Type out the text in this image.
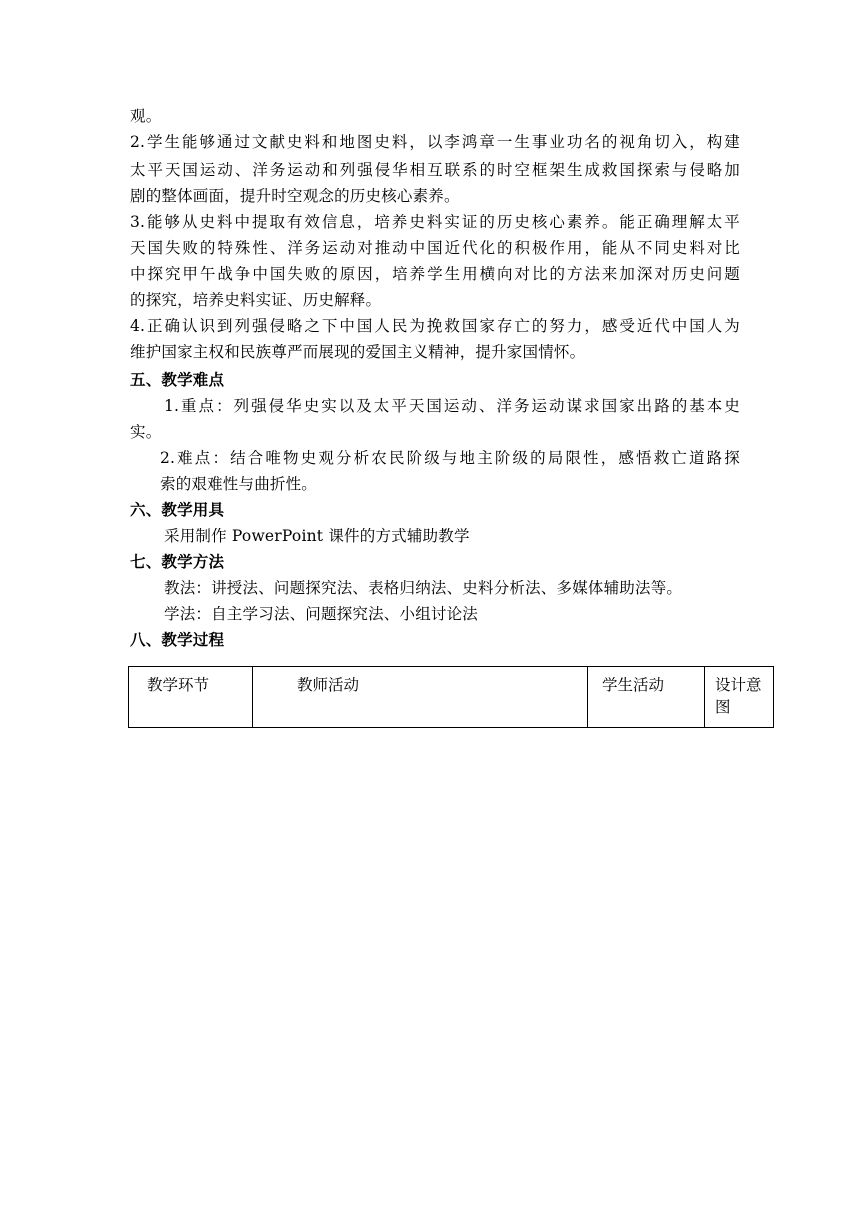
观。
2.学生能够通过文献史料和地图史料，以李鸿章一生事业功名的视角切入，构建
太平天国运动、洋务运动和列强侵华相互联系的时空框架生成救国探索与侵略加
剧的整体画面，提升时空观念的历史核心素养。
3.能够从史料中提取有效信息，培养史料实证的历史核心素养。能正确理解太平
天国失败的特殊性、洋务运动对推动中国近代化的积极作用，能从不同史料对比
中探究甲午战争中国失败的原因，培养学生用横向对比的方法来加深对历史问题
的探究，培养史料实证、历史解释。
4.正确认识到列强侵略之下中国人民为挽救国家存亡的努力，感受近代中国人为
维护国家主权和民族尊严而展现的爱国主义精神，提升家国情怀。
五、教学难点
1.重点：列强侵华史实以及太平天国运动、洋务运动谋求国家出路的基本史
实。
2.难点：结合唯物史观分析农民阶级与地主阶级的局限性，感悟救亡道路探
索的艰难性与曲折性。
六、教学用具
采用制作 PowerPoint 课件的方式辅助教学
七、教学方法
教法：讲授法、问题探究法、表格归纳法、史料分析法、多媒体辅助法等。
学法：自主学习法、问题探究法、小组讨论法
八、教学过程
教学环节	教师活动	学生活动	设计意图
